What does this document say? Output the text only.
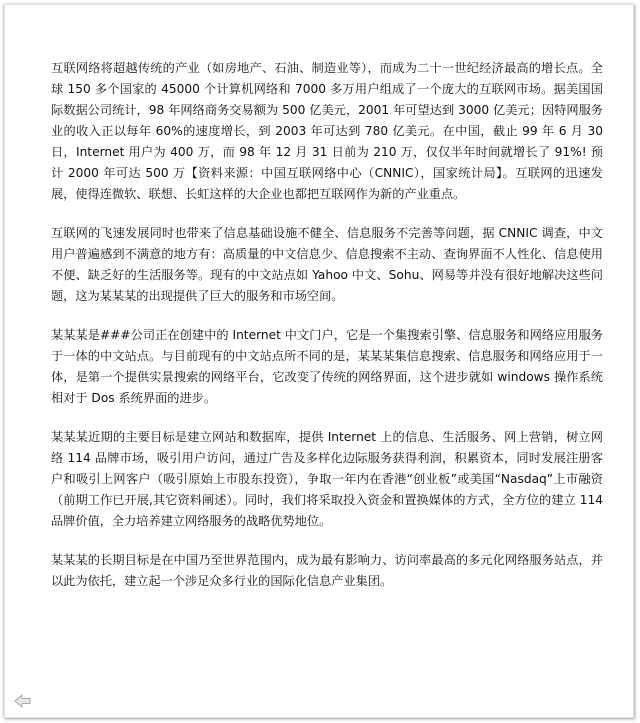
互联网络将超越传统的产业（如房地产、石油、制造业等），而成为二十一世纪经济最高的增长点。全球 150 多个国家的 45000 个计算机网络和 7000 多万用户组成了一个庞大的互联网市场。据美国国际数据公司统计，98 年网络商务交易额为 500 亿美元，2001 年可望达到 3000 亿美元；因特网服务业的收入正以每年 60%的速度增长，到 2003 年可达到 780 亿美元。在中国，截止 99 年 6 月 30 日，Internet 用户为 400 万，而 98 年 12 月 31 日前为 210 万，仅仅半年时间就增长了 91%! 预计 2000 年可达 500 万【资料来源：中国互联网络中心（CNNIC），国家统计局】。互联网的迅速发展，使得连微软、联想、长虹这样的大企业也都把互联网作为新的产业重点。

互联网的飞速发展同时也带来了信息基础设施不健全、信息服务不完善等问题，据 CNNIC 调查，中文用户普遍感到不满意的地方有：高质量的中文信息少、信息搜索不主动、查询界面不人性化、信息使用不便、缺乏好的生活服务等。现有的中文站点如 Yahoo 中文、Sohu、网易等并没有很好地解决这些问题，这为某某某的出现提供了巨大的服务和市场空间。

某某某是###公司正在创建中的 Internet 中文门户，它是一个集搜索引擎、信息服务和网络应用服务于一体的中文站点。与目前现有的中文站点所不同的是，某某某集信息搜索、信息服务和网络应用于一体，是第一个提供实景搜索的网络平台，它改变了传统的网络界面，这个进步就如 windows 操作系统相对于 Dos 系统界面的进步。

某某某近期的主要目标是建立网站和数据库，提供 Internet 上的信息、生活服务、网上营销，树立网络 114 品牌市场，吸引用户访问，通过广告及多样化边际服务获得利润，积累资本，同时发展注册客户和吸引上网客户（吸引原始上市股东投资），争取一年内在香港“创业板”或美国“Nasdaq”上市融资（前期工作已开展,其它资料阐述）。同时，我们将采取投入资金和置换媒体的方式，全方位的建立 114 品牌价值，全力培养建立网络服务的战略优势地位。

某某某的长期目标是在中国乃至世界范围内，成为最有影响力、访问率最高的多元化网络服务站点，并以此为依托，建立起一个涉足众多行业的国际化信息产业集团。
